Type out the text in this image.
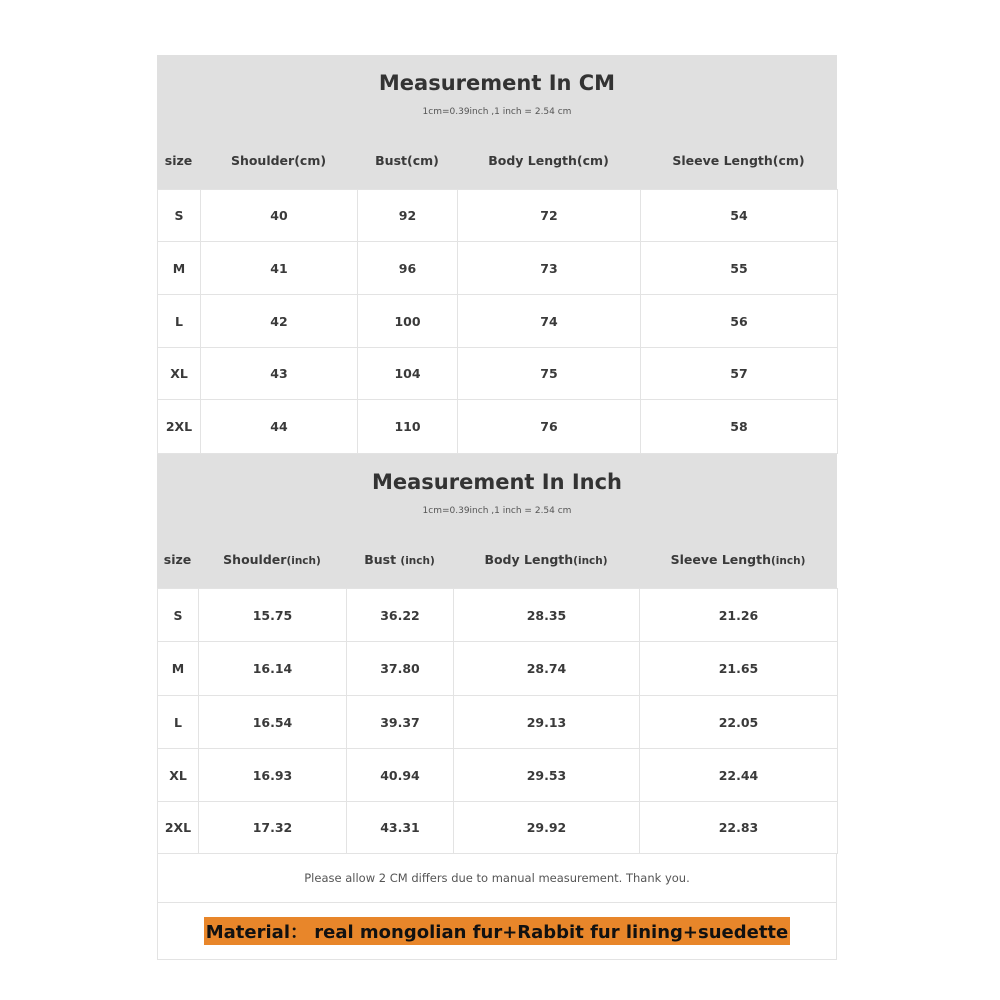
Measurement In CM
1cm=0.39inch ,1 inch = 2.54 cm
size	Shoulder(cm)	Bust(cm)	Body Length(cm)	Sleeve Length(cm)
S	40	92	72	54
M	41	96	73	55
L	42	100	74	56
XL	43	104	75	57
2XL	44	110	76	58
Measurement In Inch
1cm=0.39inch ,1 inch = 2.54 cm
size	Shoulder(inch)	Bust (inch)	Body Length(inch)	Sleeve Length(inch)
S	15.75	36.22	28.35	21.26
M	16.14	37.80	28.74	21.65
L	16.54	39.37	29.13	22.05
XL	16.93	40.94	29.53	22.44
2XL	17.32	43.31	29.92	22.83
Please allow 2 CM differs due to manual measurement. Thank you.
Material： real mongolian fur+Rabbit fur lining+suedette
